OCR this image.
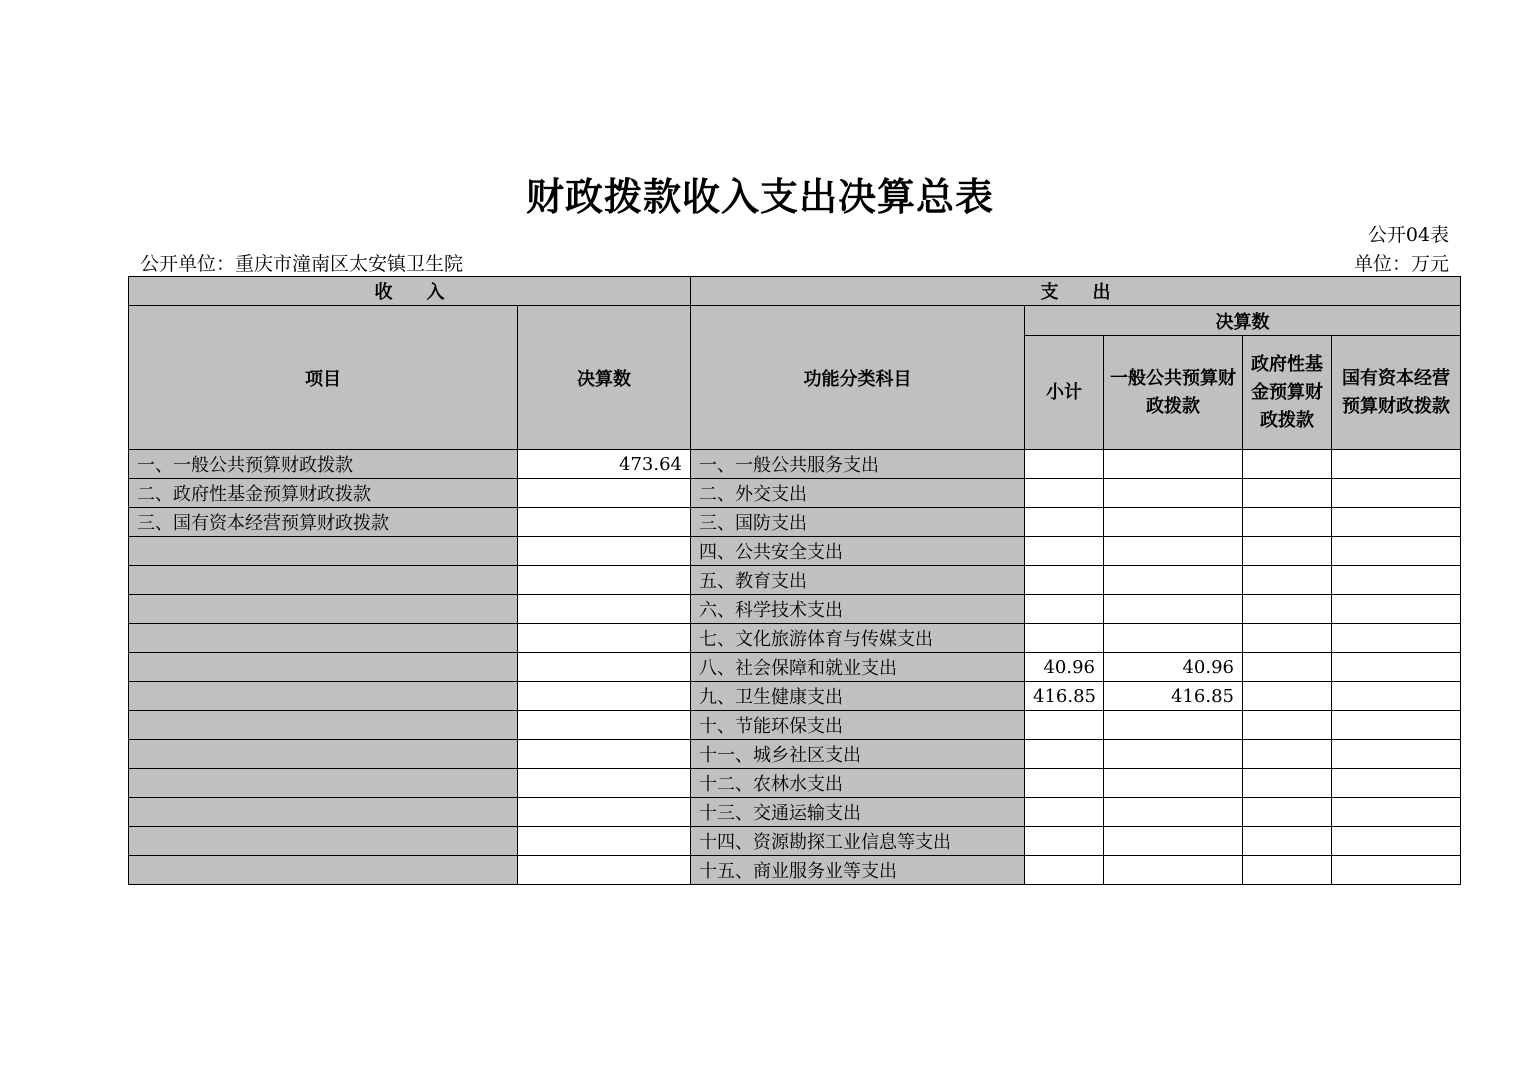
财政拨款收入支出决算总表
公开04表
公开单位：重庆市潼南区太安镇卫生院	单位：万元
收入		支出				
项目	决算数	功能分类科目	决算数			
			小计	一般公共预算财政拨款	政府性基金预算财政拨款	国有资本经营预算财政拨款
一、一般公共预算财政拨款	473.64	一、一般公共服务支出				
二、政府性基金预算财政拨款		二、外交支出				
三、国有资本经营预算财政拨款		三、国防支出				
		四、公共安全支出				
		五、教育支出				
		六、科学技术支出				
		七、文化旅游体育与传媒支出				
		八、社会保障和就业支出	40.96	40.96		
		九、卫生健康支出	416.85	416.85		
		十、节能环保支出				
		十一、城乡社区支出				
		十二、农林水支出				
		十三、交通运输支出				
		十四、资源勘探工业信息等支出				
		十五、商业服务业等支出				
